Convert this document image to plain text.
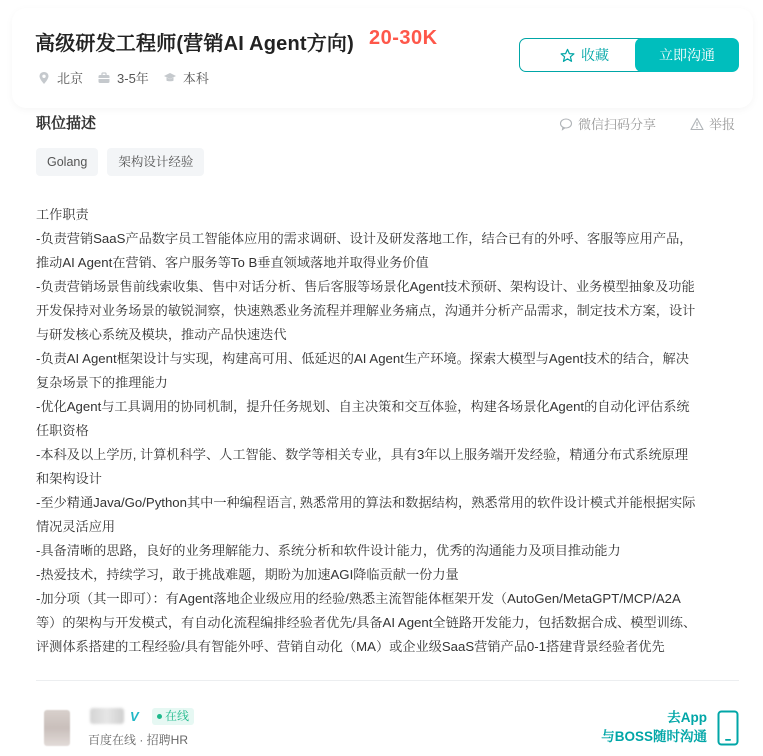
高级研发工程师(营销AI Agent方向) 20-30K
北京	3-5年	本科
收藏	立即沟通
职位描述	微信扫码分享	举报
Golang	架构设计经验
工作职责
-负责营销SaaS产品数字员工智能体应用的需求调研、设计及研发落地工作，结合已有的外呼、客服等应用产品，
推动AI Agent在营销、客户服务等To B垂直领域落地并取得业务价值
-负责营销场景售前线索收集、售中对话分析、售后客服等场景化Agent技术预研、架构设计、业务模型抽象及功能
开发保持对业务场景的敏锐洞察，快速熟悉业务流程并理解业务痛点，沟通并分析产品需求，制定技术方案，设计
与研发核心系统及模块，推动产品快速迭代
-负责AI Agent框架设计与实现，构建高可用、低延迟的AI Agent生产环境。探索大模型与Agent技术的结合，解决
复杂场景下的推理能力
-优化Agent与工具调用的协同机制，提升任务规划、自主决策和交互体验，构建各场景化Agent的自动化评估系统
任职资格
-本科及以上学历, 计算机科学、人工智能、数学等相关专业，具有3年以上服务端开发经验，精通分布式系统原理
和架构设计
-至少精通Java/Go/Python其中一种编程语言, 熟悉常用的算法和数据结构，熟悉常用的软件设计模式并能根据实际
情况灵活应用
-具备清晰的思路，良好的业务理解能力、系统分析和软件设计能力，优秀的沟通能力及项目推动能力
-热爱技术，持续学习，敢于挑战难题，期盼为加速AGI降临贡献一份力量
-加分项（其一即可）：有Agent落地企业级应用的经验/熟悉主流智能体框架开发（AutoGen/MetaGPT/MCP/A2A
等）的架构与开发模式，有自动化流程编排经验者优先/具备AI Agent全链路开发能力，包括数据合成、模型训练、
评测体系搭建的工程经验/具有智能外呼、营销自动化（MA）或企业级SaaS营销产品0-1搭建背景经验者优先
V 在线
百度在线 · 招聘HR
去App
与BOSS随时沟通
